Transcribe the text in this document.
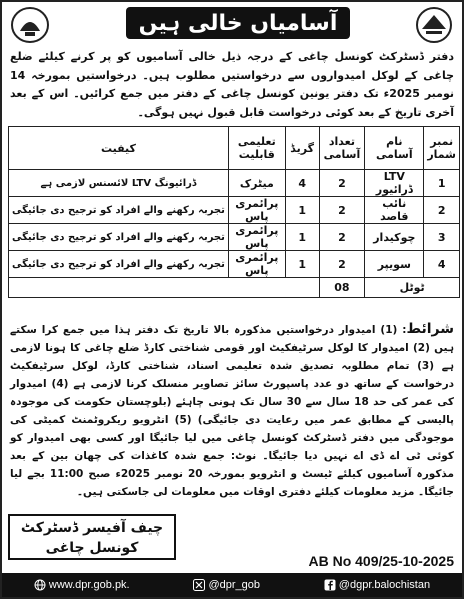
آسامیاں خالی ہیں
دفتر ڈسٹرکٹ کونسل چاغی کے درجہ ذیل خالی آسامیوں کو پر کرنے کیلئے ضلع چاغی کے لوکل امیدواروں سے درخواستیں مطلوب ہیں۔ درخواستیں بمورخہ 14 نومبر 2025ء تک دفتر یونین کونسل چاغی کے دفتر میں جمع کرائیں۔ اس کے بعد آخری تاریخ کے بعد کوئی درخواست قابل قبول نہیں ہوگی۔
نمبر شمار	نام آسامی	تعداد آسامی	گریڈ	تعلیمی قابلیت	کیفیت
1	LTV ڈرائیور	2	4	میٹرک	ڈرائیونگ LTV لائسنس لازمی ہے
2	نائب قاصد	2	1	پرائمری پاس	تجربہ رکھنے والے افراد کو ترجیح دی جائیگی
3	چوکیدار	2	1	پرائمری پاس	تجربہ رکھنے والے افراد کو ترجیح دی جائیگی
4	سویپر	2	1	پرائمری پاس	تجربہ رکھنے والے افراد کو ترجیح دی جائیگی
ٹوٹل		08			
شرائط: (1) امیدوار درخواستیں مذکورہ بالا تاریخ تک دفتر ہذا میں جمع کرا سکتے ہیں (2) امیدوار کا لوکل سرٹیفکیٹ اور قومی شناختی کارڈ ضلع چاغی کا ہونا لازمی ہے (3) تمام مطلوبہ تصدیق شدہ تعلیمی اسناد، شناختی کارڈ، لوکل سرٹیفکیٹ درخواست کے ساتھ دو عدد پاسپورٹ سائز تصاویر منسلک کرنا لازمی ہے (4) امیدوار کی عمر کی حد 18 سال سے 30 سال تک ہونی چاہئے (بلوچستان حکومت کی موجودہ پالیسی کے مطابق عمر میں رعایت دی جائیگی) (5) انٹرویو ریکروٹمنٹ کمیٹی کی موجودگی میں دفتر ڈسٹرکٹ کونسل چاغی میں لیا جائیگا اور کسی بھی امیدوار کو کوئی ٹی اے ڈی اے نہیں دیا جائیگا۔ نوٹ: جمع شدہ کاغذات کی چھان بین کے بعد مذکورہ آسامیوں کیلئے ٹیسٹ و انٹرویو بمورخہ 20 نومبر 2025ء صبح 11:00 بجے لیا جائیگا۔ مزید معلومات کیلئے دفتری اوقات میں معلومات لی جاسکتی ہیں۔
چیف آفیسر ڈسٹرکٹ
کونسل چاغی
AB No 409/25-10-2025
www.dpr.gob.pk.	@dpr_gob	@dgpr.balochistan
